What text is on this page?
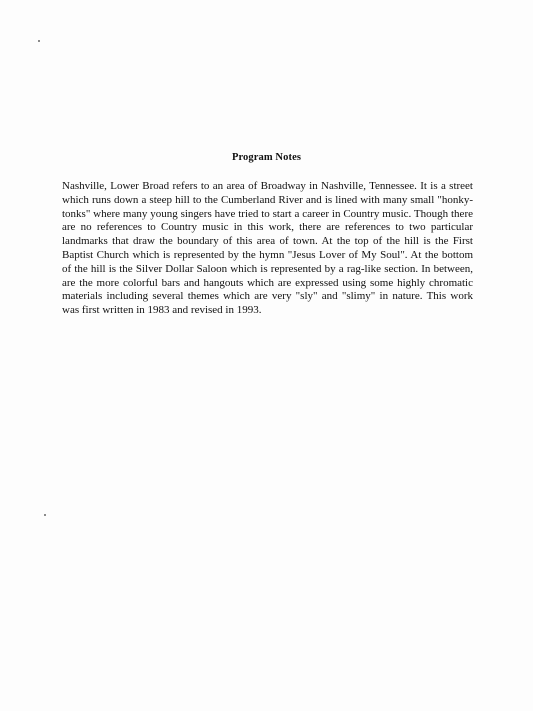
Program Notes

Nashville, Lower Broad refers to an area of Broadway in Nashville, Tennessee. It is a street which runs down a steep hill to the Cumberland River and is lined with many small "honky-tonks" where many young singers have tried to start a career in Country music. Though there are no references to Country music in this work, there are references to two particular landmarks that draw the boundary of this area of town. At the top of the hill is the First Baptist Church which is represented by the hymn "Jesus Lover of My Soul". At the bottom of the hill is the Silver Dollar Saloon which is represented by a rag-like section. In between, are the more colorful bars and hangouts which are expressed using some highly chromatic materials including several themes which are very "sly" and "slimy" in nature. This work was first written in 1983 and revised in 1993.
